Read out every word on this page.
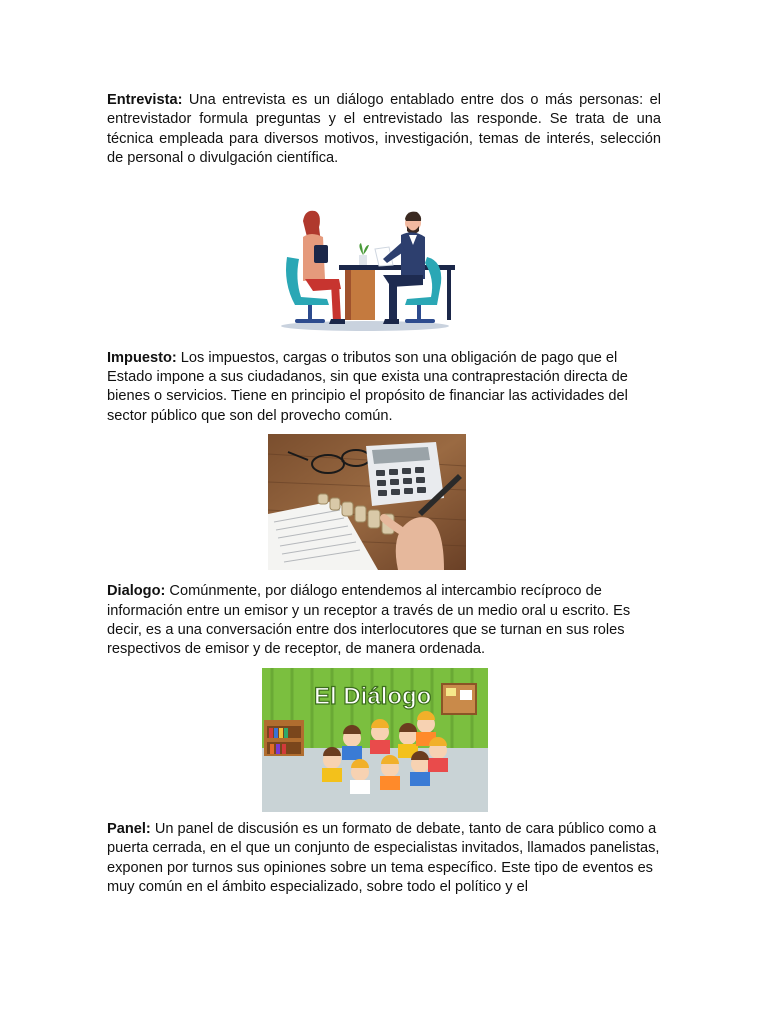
Entrevista: Una entrevista es un diálogo entablado entre dos o más personas: el entrevistador formula preguntas y el entrevistado las responde. Se trata de una técnica empleada para diversos motivos, investigación, temas de interés, selección de personal o divulgación científica.

Impuesto: Los impuestos, cargas o tributos son una obligación de pago que el Estado impone a sus ciudadanos, sin que exista una contraprestación directa de bienes o servicios. Tiene en principio el propósito de financiar las actividades del sector público que son del provecho común.

Dialogo: Comúnmente, por diálogo entendemos al intercambio recíproco de información entre un emisor y un receptor a través de un medio oral u escrito. Es decir, es a una conversación entre dos interlocutores que se turnan en sus roles respectivos de emisor y de receptor, de manera ordenada.

El Diálogo

Panel: Un panel de discusión es un formato de debate, tanto de cara público como a puerta cerrada, en el que un conjunto de especialistas invitados, llamados panelistas, exponen por turnos sus opiniones sobre un tema específico. Este tipo de eventos es muy común en el ámbito especializado, sobre todo el político y el
